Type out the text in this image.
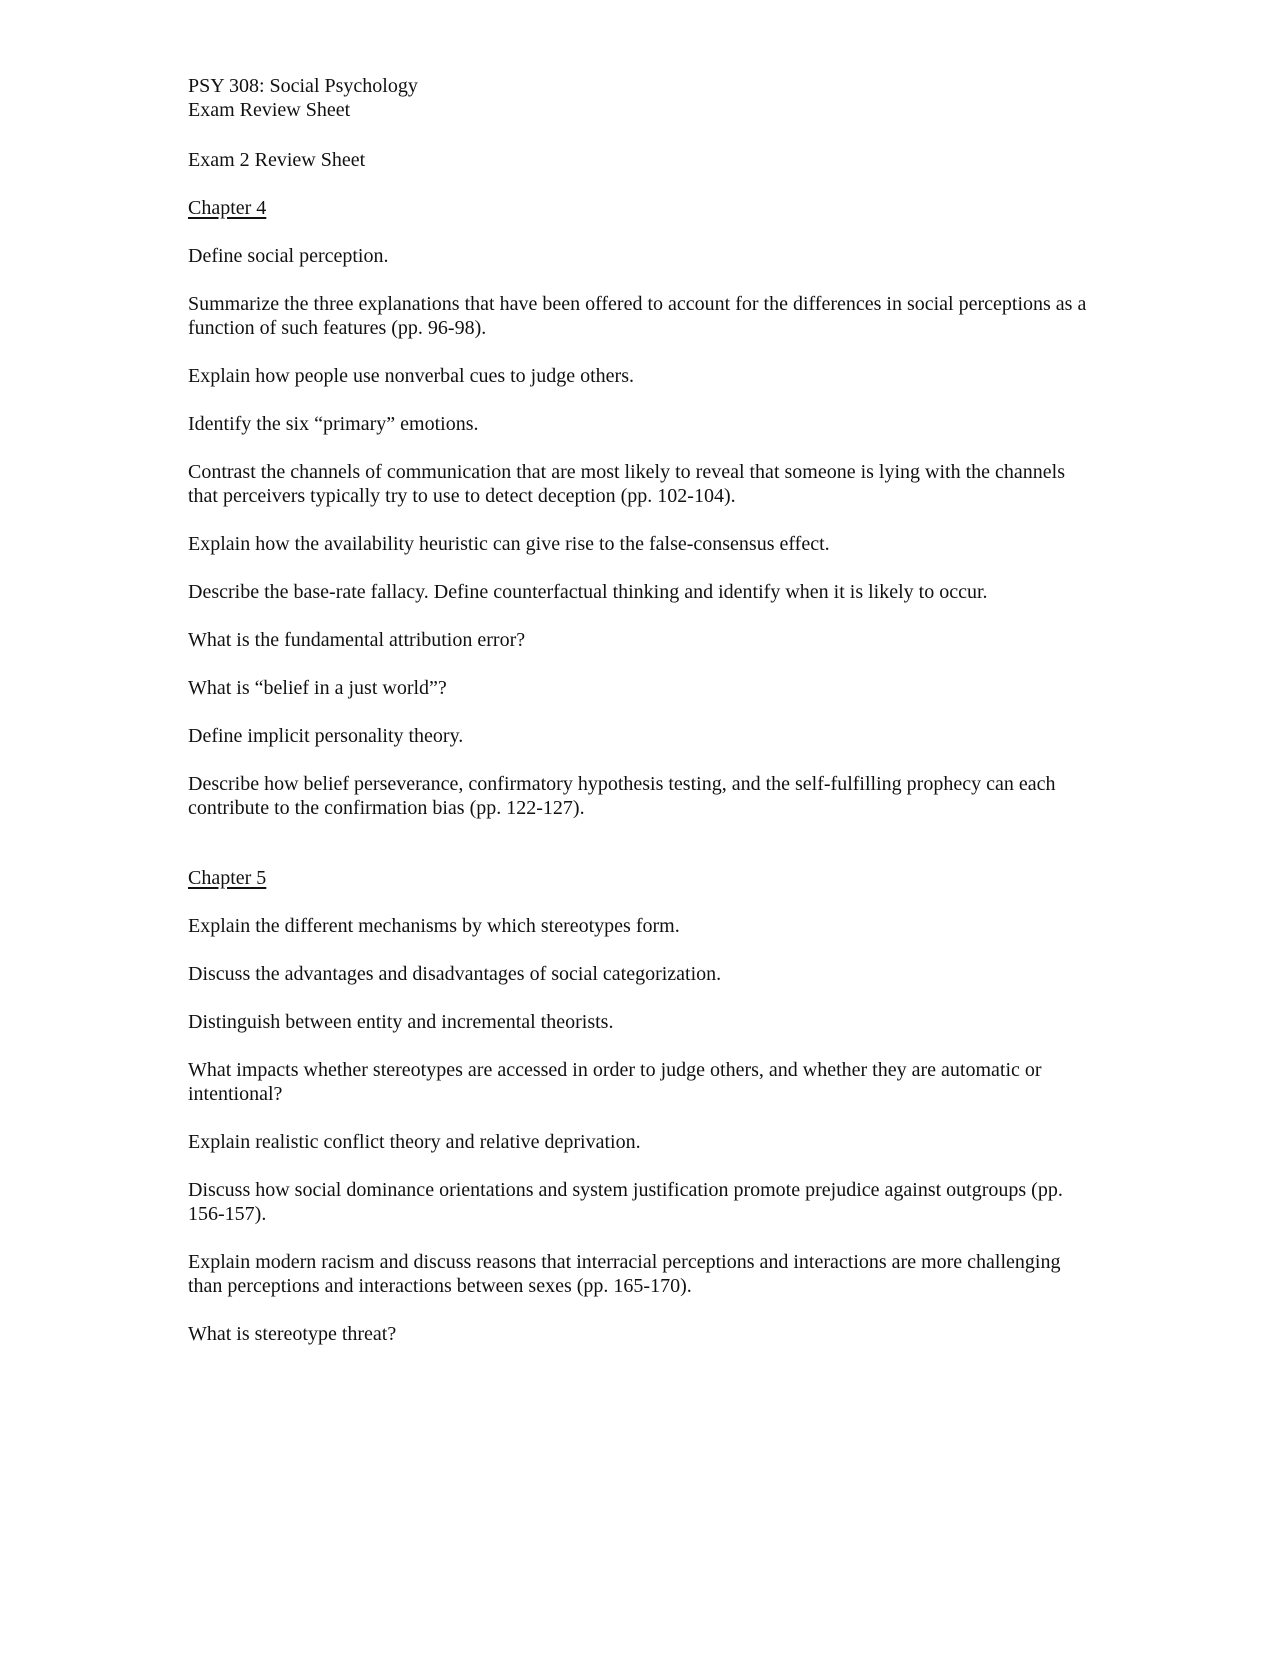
PSY 308: Social Psychology
Exam Review Sheet
Exam 2 Review Sheet
Chapter 4

Define social perception.

Summarize the three explanations that have been offered to account for the differences in social perceptions as a function of such features (pp. 96-98).

Explain how people use nonverbal cues to judge others.

Identify the six “primary” emotions.

Contrast the channels of communication that are most likely to reveal that someone is lying with the channels that perceivers typically try to use to detect deception (pp. 102-104).

Explain how the availability heuristic can give rise to the false-consensus effect.

Describe the base-rate fallacy. Define counterfactual thinking and identify when it is likely to occur.

What is the fundamental attribution error?

What is “belief in a just world”?

Define implicit personality theory.

Describe how belief perseverance, confirmatory hypothesis testing, and the self-fulfilling prophecy can each contribute to the confirmation bias (pp. 122-127).

Chapter 5

Explain the different mechanisms by which stereotypes form.

Discuss the advantages and disadvantages of social categorization.

Distinguish between entity and incremental theorists.

What impacts whether stereotypes are accessed in order to judge others, and whether they are automatic or intentional?

Explain realistic conflict theory and relative deprivation.

Discuss how social dominance orientations and system justification promote prejudice against outgroups (pp. 156-157).

Explain modern racism and discuss reasons that interracial perceptions and interactions are more challenging than perceptions and interactions between sexes (pp. 165-170).

What is stereotype threat?
